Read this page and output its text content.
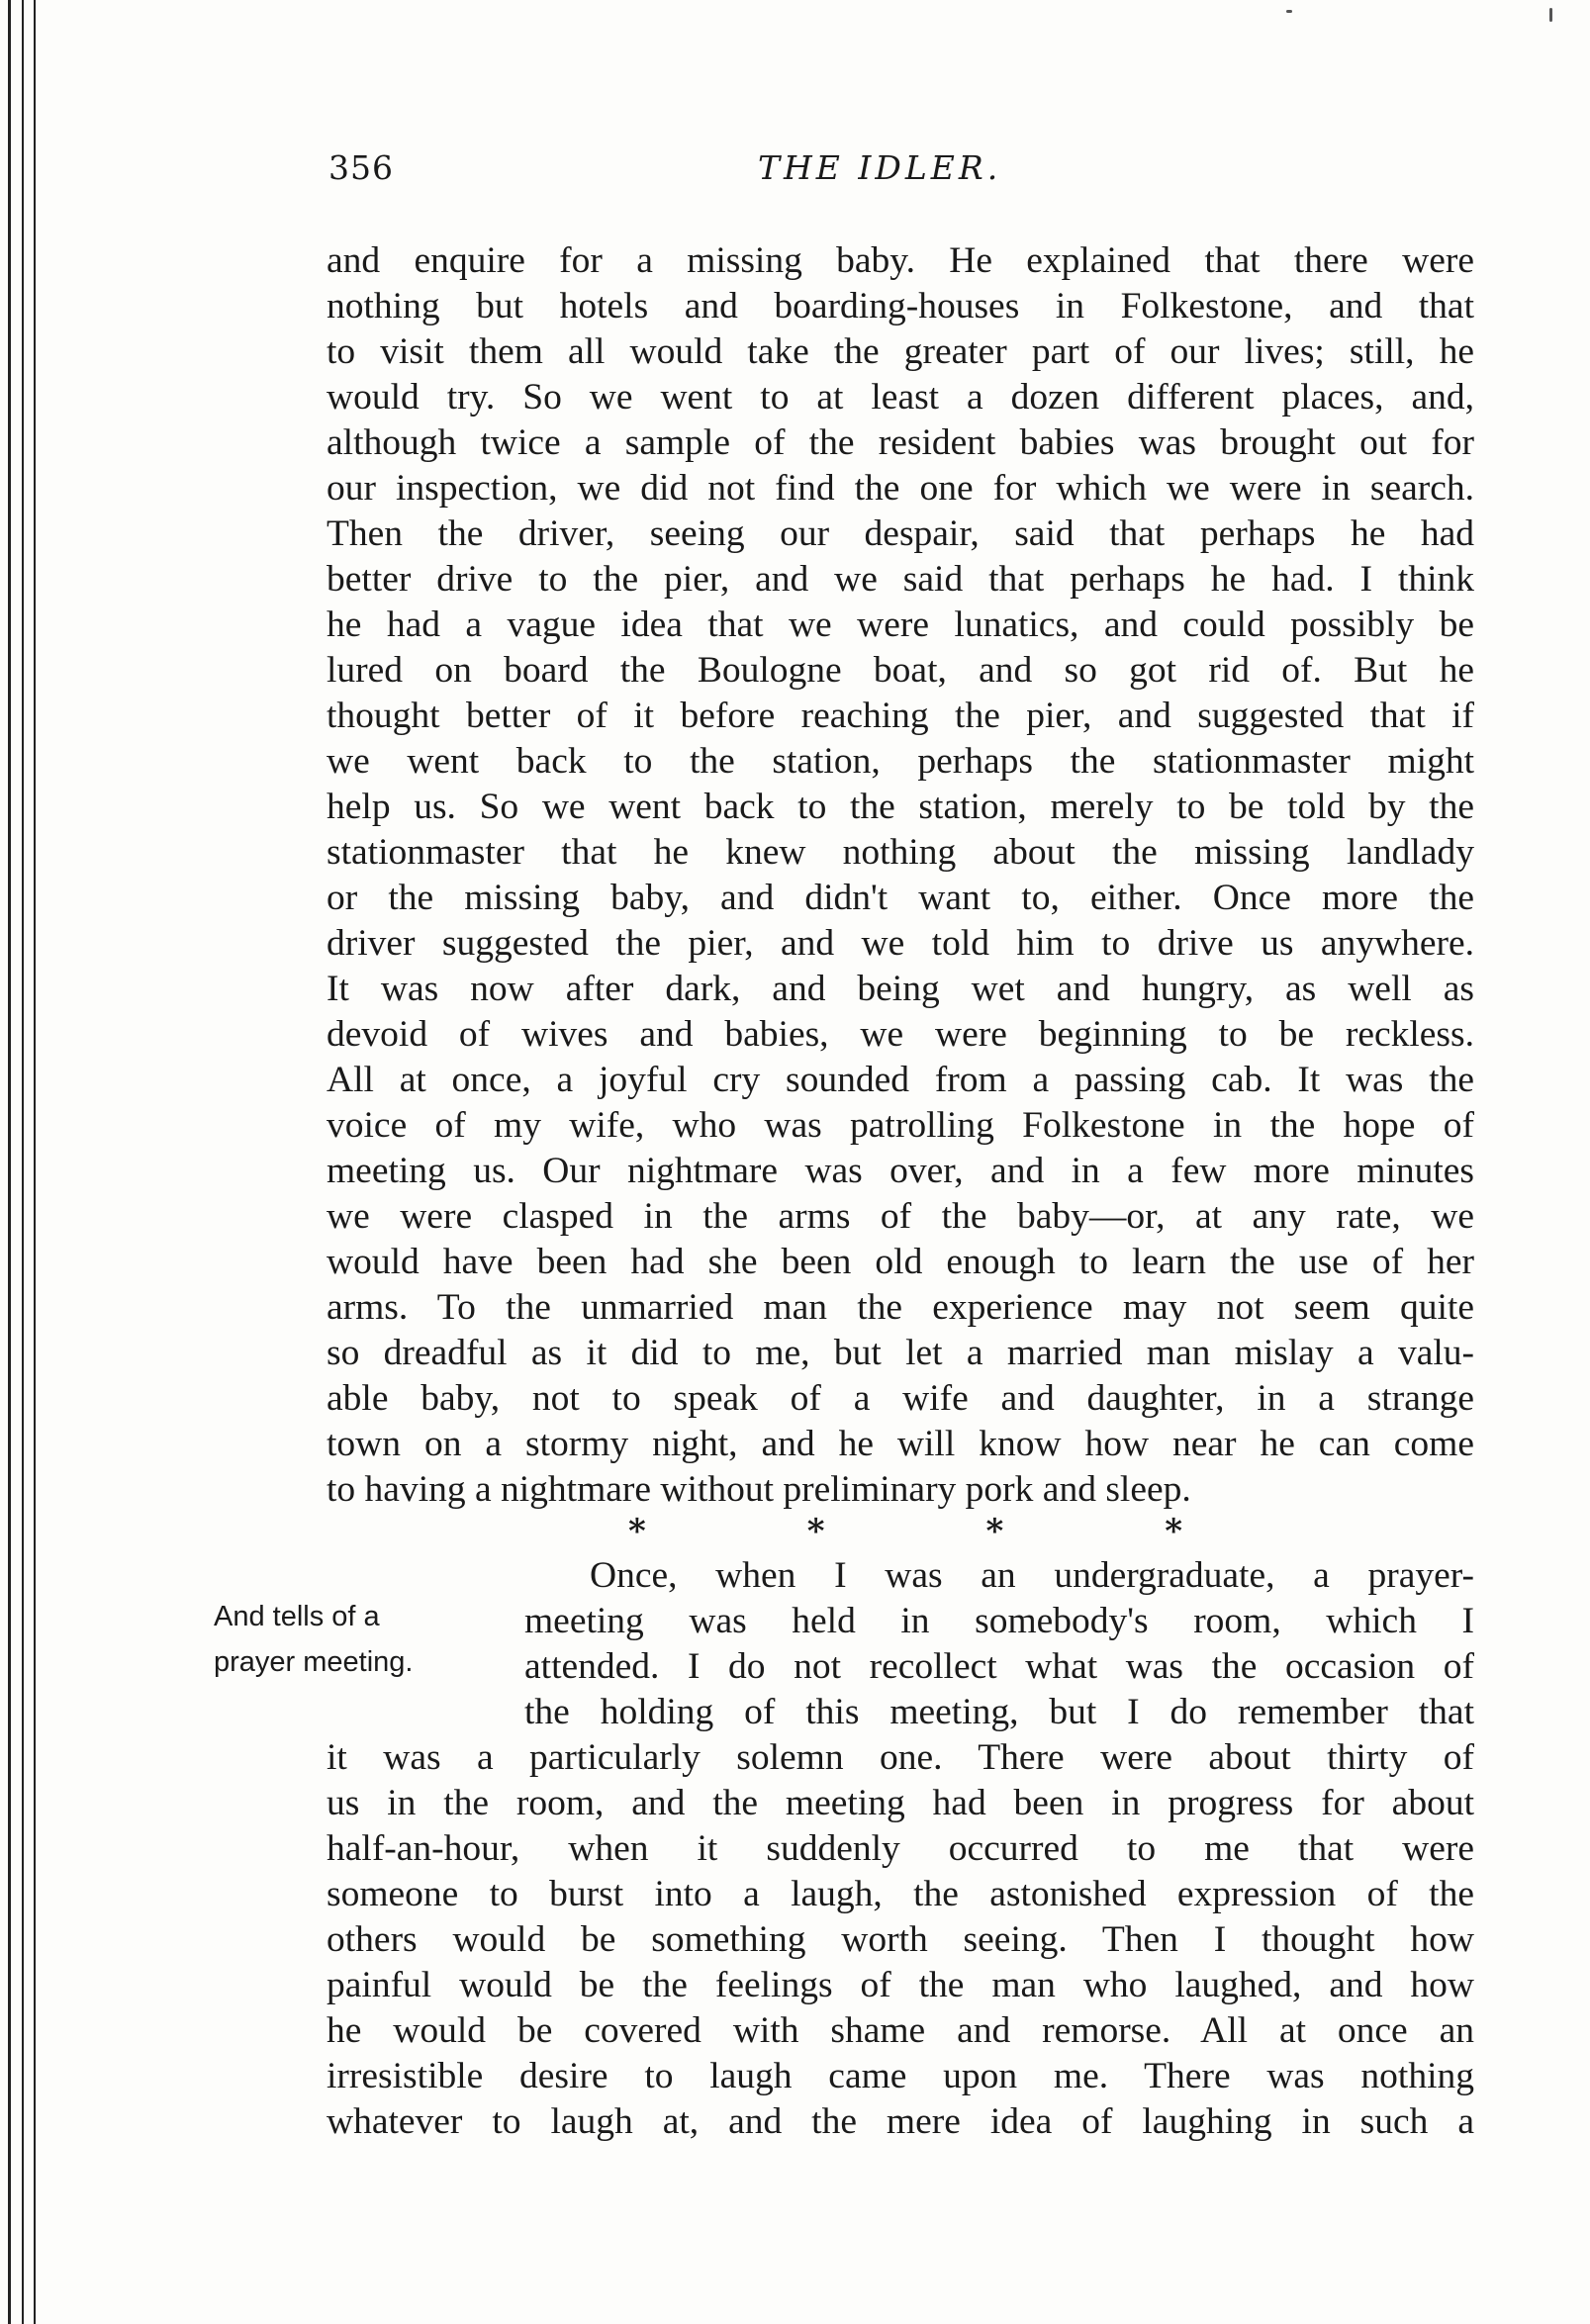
356	THE IDLER.
and enquire for a missing baby. He explained that there were
nothing but hotels and boarding-houses in Folkestone, and that
to visit them all would take the greater part of our lives; still, he
would try. So we went to at least a dozen different places, and,
although twice a sample of the resident babies was brought out for
our inspection, we did not find the one for which we were in search.
Then the driver, seeing our despair, said that perhaps he had
better drive to the pier, and we said that perhaps he had. I think
he had a vague idea that we were lunatics, and could possibly be
lured on board the Boulogne boat, and so got rid of. But he
thought better of it before reaching the pier, and suggested that if
we went back to the station, perhaps the stationmaster might
help us. So we went back to the station, merely to be told by the
stationmaster that he knew nothing about the missing landlady
or the missing baby, and didn't want to, either. Once more the
driver suggested the pier, and we told him to drive us anywhere.
It was now after dark, and being wet and hungry, as well as
devoid of wives and babies, we were beginning to be reckless.
All at once, a joyful cry sounded from a passing cab. It was the
voice of my wife, who was patrolling Folkestone in the hope of
meeting us. Our nightmare was over, and in a few more minutes
we were clasped in the arms of the baby—or, at any rate, we
would have been had she been old enough to learn the use of her
arms. To the unmarried man the experience may not seem quite
so dreadful as it did to me, but let a married man mislay a valu-
able baby, not to speak of a wife and daughter, in a strange
town on a stormy night, and he will know how near he can come
to having a nightmare without preliminary pork and sleep.
*	*	*	*
And tells of a
prayer meeting.
Once, when I was an undergraduate, a prayer-
meeting was held in somebody's room, which I
attended. I do not recollect what was the occasion of
the holding of this meeting, but I do remember that
it was a particularly solemn one. There were about thirty of
us in the room, and the meeting had been in progress for about
half-an-hour, when it suddenly occurred to me that were
someone to burst into a laugh, the astonished expression of the
others would be something worth seeing. Then I thought how
painful would be the feelings of the man who laughed, and how
he would be covered with shame and remorse. All at once an
irresistible desire to laugh came upon me. There was nothing
whatever to laugh at, and the mere idea of laughing in such a
